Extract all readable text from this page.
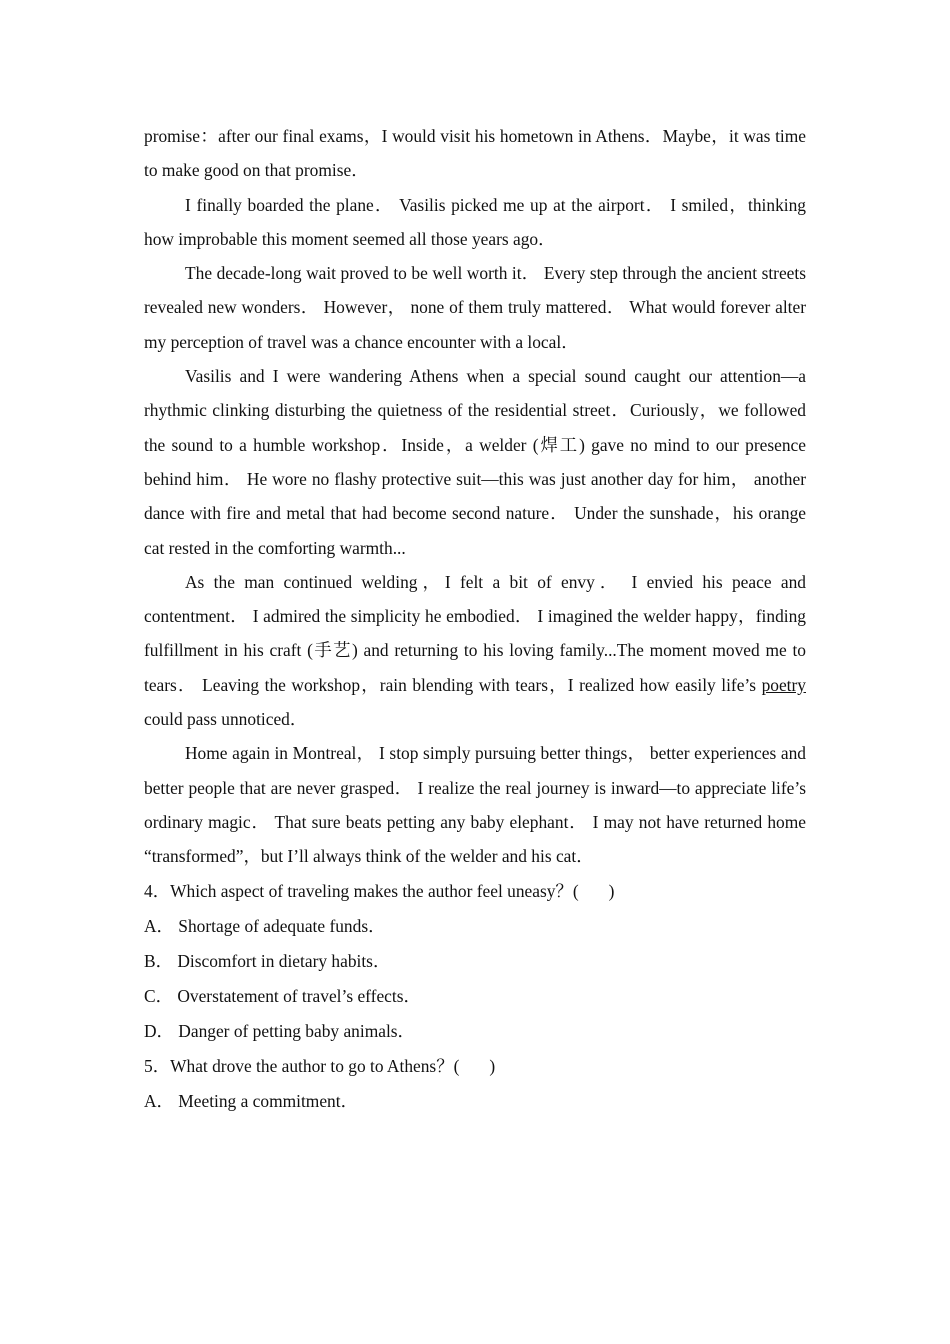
promise：after our final exams，I would visit his hometown in Athens．Maybe，it was time to make good on that promise．

I finally boarded the plane． Vasilis picked me up at the airport． I smiled，thinking how improbable this moment seemed all those years ago．

The decade-long wait proved to be well worth it． Every step through the ancient streets revealed new wonders． However， none of them truly mattered． What would forever alter my perception of travel was a chance encounter with a local．

Vasilis and I were wandering Athens when a special sound caught our attention—a rhythmic clinking disturbing the quietness of the residential street．Curiously，we followed the sound to a humble workshop．Inside，a welder (焊工) gave no mind to our presence behind him． He wore no flashy protective suit—this was just another day for him， another dance with fire and metal that had become second nature． Under the sunshade，his orange cat rested in the comforting warmth...

As the man continued welding，I felt a bit of envy． I envied his peace and contentment． I admired the simplicity he embodied． I imagined the welder happy，finding fulfillment in his craft (手艺) and returning to his loving family...The moment moved me to tears． Leaving the workshop，rain blending with tears，I realized how easily life’s poetry could pass unnoticed．

Home again in Montreal， I stop simply pursuing better things， better experiences and better people that are never grasped． I realize the real journey is inward—to appreciate life’s ordinary magic． That sure beats petting any baby elephant． I may not have returned home “transformed”，but I’ll always think of the welder and his cat．

4．Which aspect of traveling makes the author feel uneasy？( )

A． Shortage of adequate funds．

B． Discomfort in dietary habits．

C． Overstatement of travel’s effects．

D． Danger of petting baby animals．

5．What drove the author to go to Athens？( )

A． Meeting a commitment．
